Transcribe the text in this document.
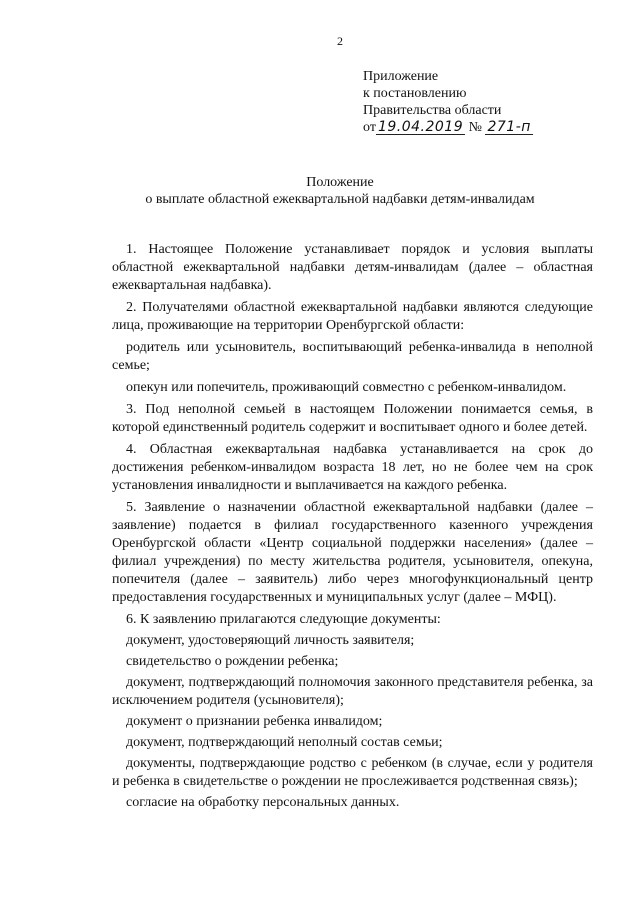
2
Приложение
к постановлению
Правительства области
от 19.04.2019 № 271-п
Положение
о выплате областной ежеквартальной надбавки детям-инвалидам

1. Настоящее Положение устанавливает порядок и условия выплаты областной ежеквартальной надбавки детям-инвалидам (далее – областная ежеквартальная надбавка).

2. Получателями областной ежеквартальной надбавки являются следующие лица, проживающие на территории Оренбургской области:

родитель или усыновитель, воспитывающий ребенка-инвалида в неполной семье;

опекун или попечитель, проживающий совместно с ребенком-инвалидом.

3. Под неполной семьей в настоящем Положении понимается семья, в которой единственный родитель содержит и воспитывает одного и более детей.

4. Областная ежеквартальная надбавка устанавливается на срок до достижения ребенком-инвалидом возраста 18 лет, но не более чем на срок установления инвалидности и выплачивается на каждого ребенка.

5. Заявление о назначении областной ежеквартальной надбавки (далее – заявление) подается в филиал государственного казенного учреждения Оренбургской области «Центр социальной поддержки населения» (далее – филиал учреждения) по месту жительства родителя, усыновителя, опекуна, попечителя (далее – заявитель) либо через многофункциональный центр предоставления государственных и муниципальных услуг (далее – МФЦ).

6. К заявлению прилагаются следующие документы:

документ, удостоверяющий личность заявителя;

свидетельство о рождении ребенка;

документ, подтверждающий полномочия законного представителя ребенка, за исключением родителя (усыновителя);

документ о признании ребенка инвалидом;

документ, подтверждающий неполный состав семьи;

документы, подтверждающие родство с ребенком (в случае, если у родителя и ребенка в свидетельстве о рождении не прослеживается родственная связь);

согласие на обработку персональных данных.
